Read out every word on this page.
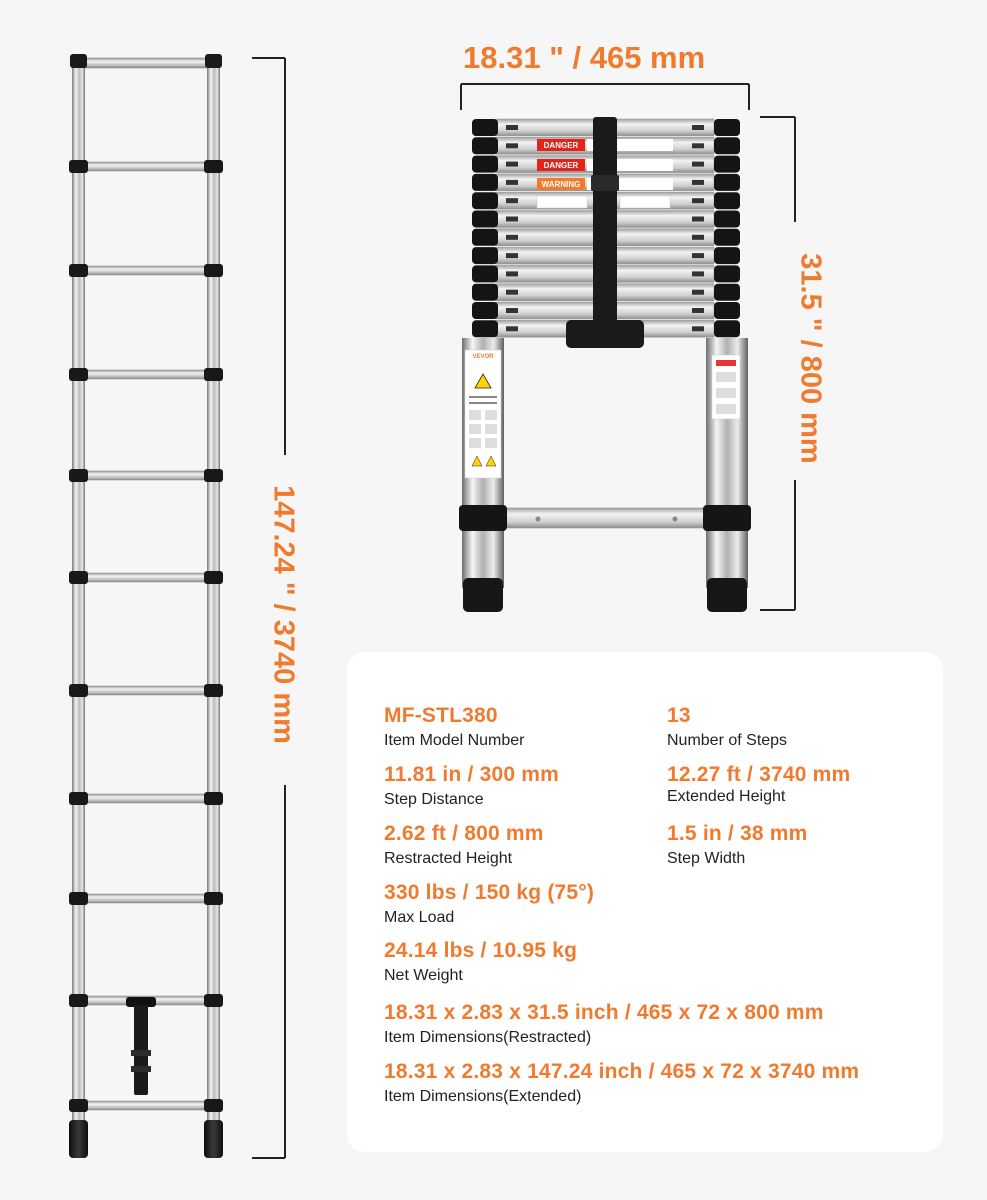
VEVOR
DANGER
DANGER
WARNING
18.31 " / 465 mm
147.24 " / 3740 mm
31.5 " / 800 mm
MF-STL380
Item Model Number
13
Number of Steps
11.81 in / 300 mm
Step Distance
12.27 ft / 3740 mm
Extended Height
2.62 ft / 800 mm
Restracted Height
1.5 in / 38 mm
Step Width
330 lbs / 150 kg (75°)
Max Load
24.14 lbs / 10.95 kg
Net Weight
18.31 x 2.83 x 31.5 inch / 465 x 72 x 800 mm
Item Dimensions(Restracted)
18.31 x 2.83 x 147.24 inch / 465 x 72 x 3740 mm
Item Dimensions(Extended)
